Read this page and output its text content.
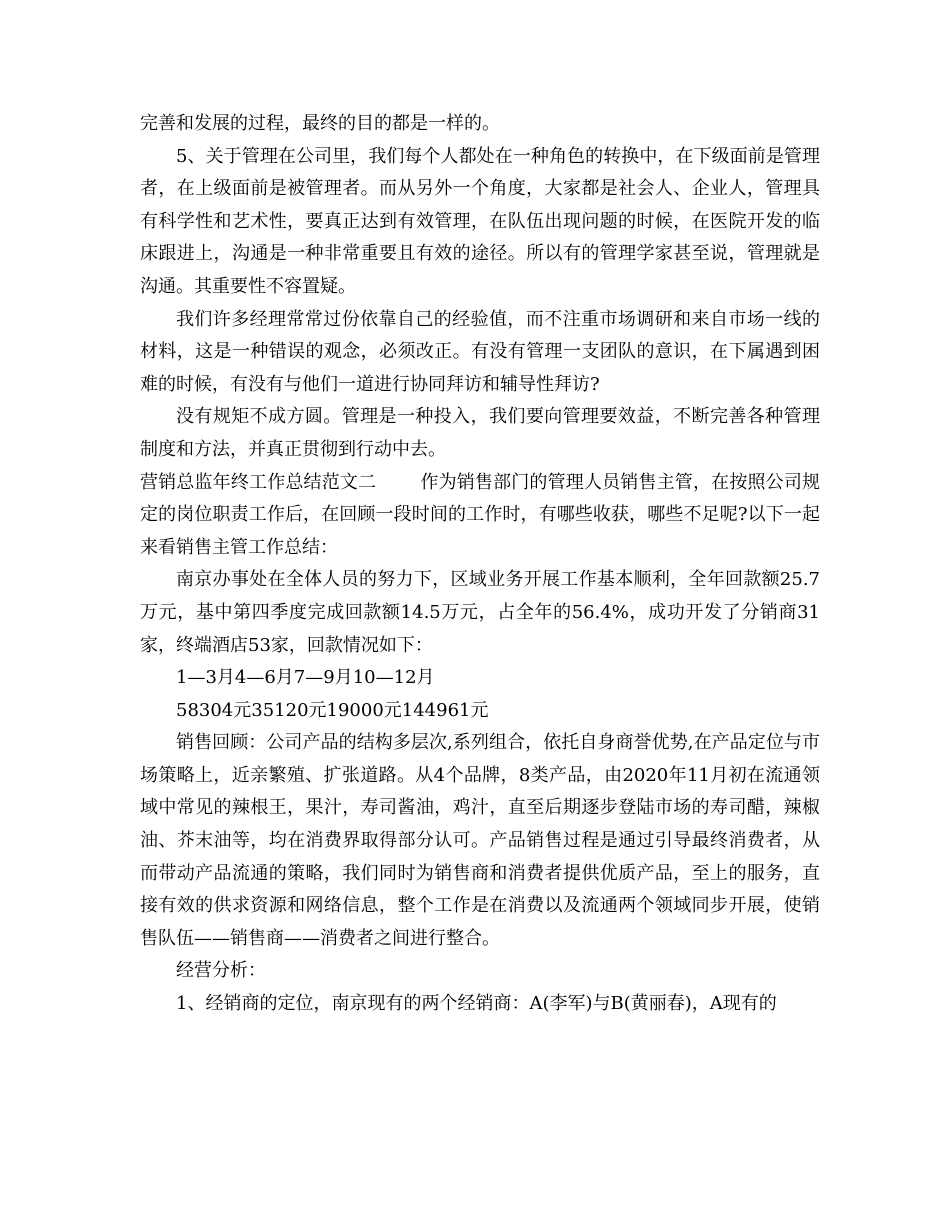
完善和发展的过程，最终的目的都是一样的。

5、关于管理在公司里，我们每个人都处在一种角色的转换中，在下级面前是管理者，在上级面前是被管理者。而从另外一个角度，大家都是社会人、企业人，管理具有科学性和艺术性，要真正达到有效管理，在队伍出现问题的时候，在医院开发的临床跟进上，沟通是一种非常重要且有效的途径。所以有的管理学家甚至说，管理就是沟通。其重要性不容置疑。

我们许多经理常常过份依靠自己的经验值，而不注重市场调研和来自市场一线的材料，这是一种错误的观念，必须改正。有没有管理一支团队的意识，在下属遇到困难的时候，有没有与他们一道进行协同拜访和辅导性拜访?

没有规矩不成方圆。管理是一种投入，我们要向管理要效益，不断完善各种管理制度和方法，并真正贯彻到行动中去。

营销总监年终工作总结范文二 作为销售部门的管理人员销售主管，在按照公司规定的岗位职责工作后，在回顾一段时间的工作时，有哪些收获，哪些不足呢?以下一起来看销售主管工作总结：

南京办事处在全体人员的努力下，区域业务开展工作基本顺利，全年回款额25.7万元，基中第四季度完成回款额14.5万元，占全年的56.4%，成功开发了分销商31家，终端酒店53家，回款情况如下：

1—3月4—6月7—9月10—12月

58304元35120元19000元144961元

销售回顾：公司产品的结构多层次,系列组合，依托自身商誉优势,在产品定位与市场策略上，近亲繁殖、扩张道路。从4个品牌，8类产品，由2020年11月初在流通领域中常见的辣根王，果汁，寿司酱油，鸡汁，直至后期逐步登陆市场的寿司醋，辣椒油、芥末油等，均在消费界取得部分认可。产品销售过程是通过引导最终消费者，从而带动产品流通的策略，我们同时为销售商和消费者提供优质产品，至上的服务，直接有效的供求资源和网络信息，整个工作是在消费以及流通两个领域同步开展，使销售队伍——销售商——消费者之间进行整合。

经营分析：

1、经销商的定位，南京现有的两个经销商：A(李军)与B(黄丽春)，A现有的
